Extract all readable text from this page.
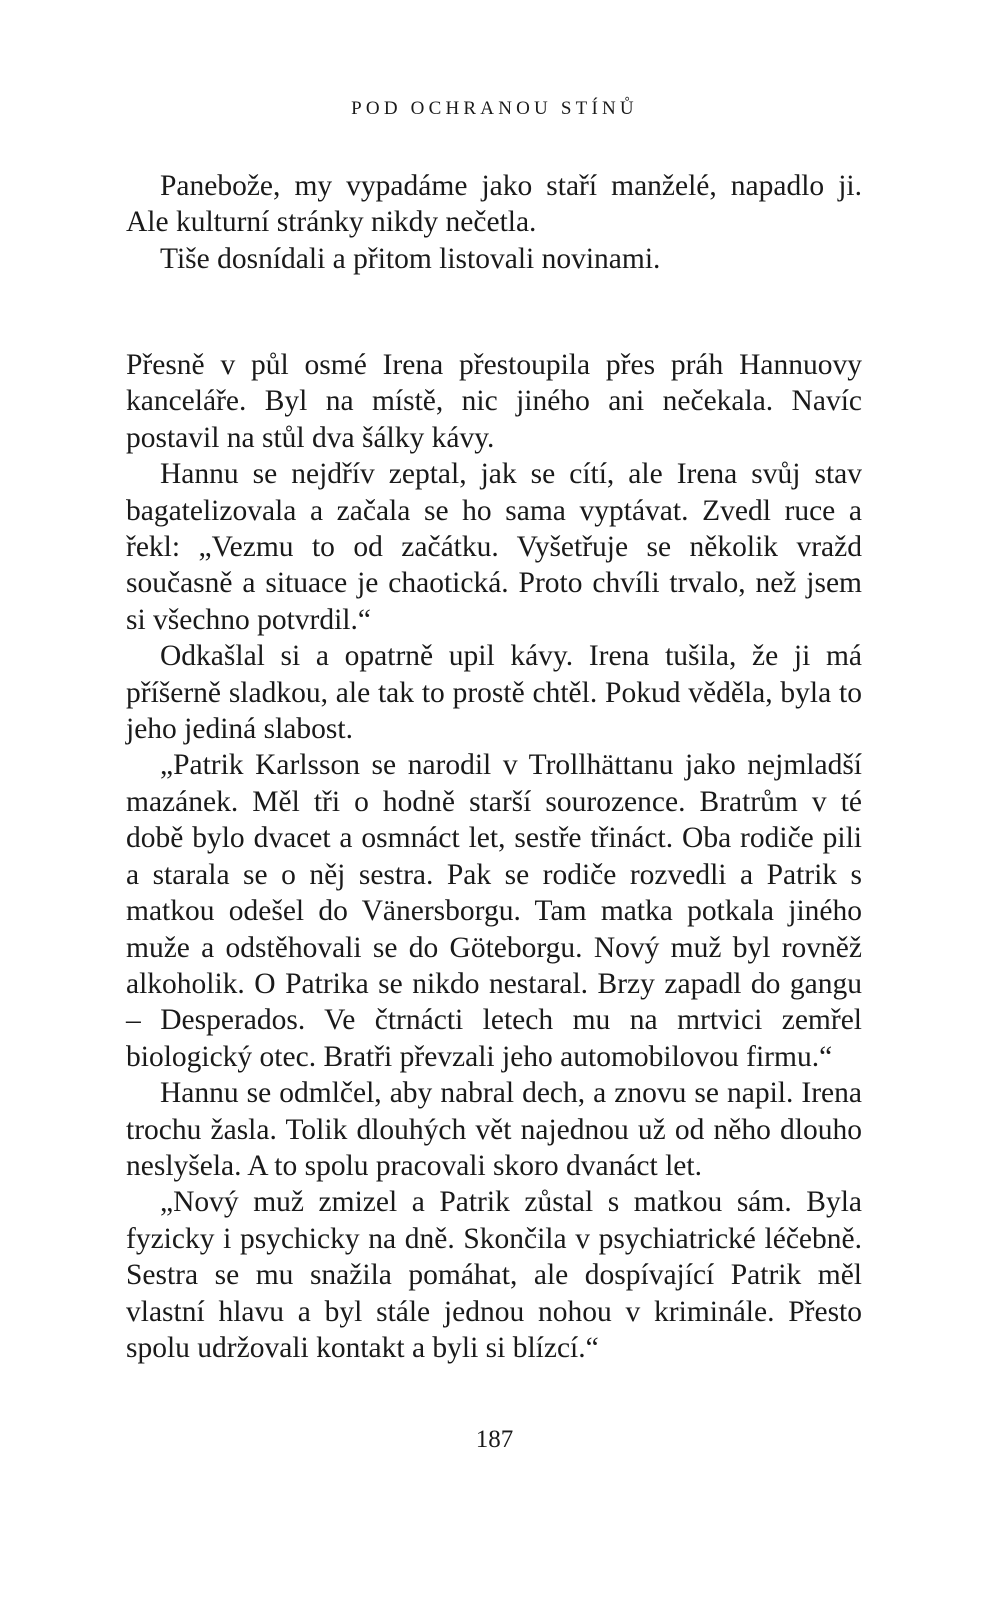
POD OCHRANOU STÍNŮ

Panebože, my vypadáme jako staří manželé, napadlo ji. Ale kulturní stránky nikdy nečetla.

Tiše dosnídali a přitom listovali novinami.

Přesně v půl osmé Irena přestoupila přes práh Hannuovy kanceláře. Byl na místě, nic jiného ani nečekala. Navíc postavil na stůl dva šálky kávy.

Hannu se nejdřív zeptal, jak se cítí, ale Irena svůj stav bagatelizovala a začala se ho sama vyptávat. Zvedl ruce a řekl: „Vezmu to od začátku. Vyšetřuje se několik vražd současně a situace je chaotická. Proto chvíli trvalo, než jsem si všechno potvrdil.“

Odkašlal si a opatrně upil kávy. Irena tušila, že ji má příšerně sladkou, ale tak to prostě chtěl. Pokud věděla, byla to jeho jediná slabost.

„Patrik Karlsson se narodil v Trollhättanu jako nejmladší mazánek. Měl tři o hodně starší sourozence. Bratrům v té době bylo dvacet a osmnáct let, sestře třináct. Oba rodiče pili a starala se o něj sestra. Pak se rodiče rozvedli a Patrik s matkou odešel do Vänersborgu. Tam matka potkala jiného muže a odstěhovali se do Göteborgu. Nový muž byl rovněž alkoholik. O Patrika se nikdo nestaral. Brzy zapadl do gangu – Desperados. Ve čtrnácti letech mu na mrtvici zemřel biologický otec. Bratři převzali jeho automobilovou firmu.“

Hannu se odmlčel, aby nabral dech, a znovu se napil. Irena trochu žasla. Tolik dlouhých vět najednou už od něho dlouho neslyšela. A to spolu pracovali skoro dvanáct let.

„Nový muž zmizel a Patrik zůstal s matkou sám. Byla fyzicky i psychicky na dně. Skončila v psychiatrické léčebně. Sestra se mu snažila pomáhat, ale dospívající Patrik měl vlastní hlavu a byl stále jednou nohou v kriminále. Přesto spolu udržovali kontakt a byli si blízcí.“

187
